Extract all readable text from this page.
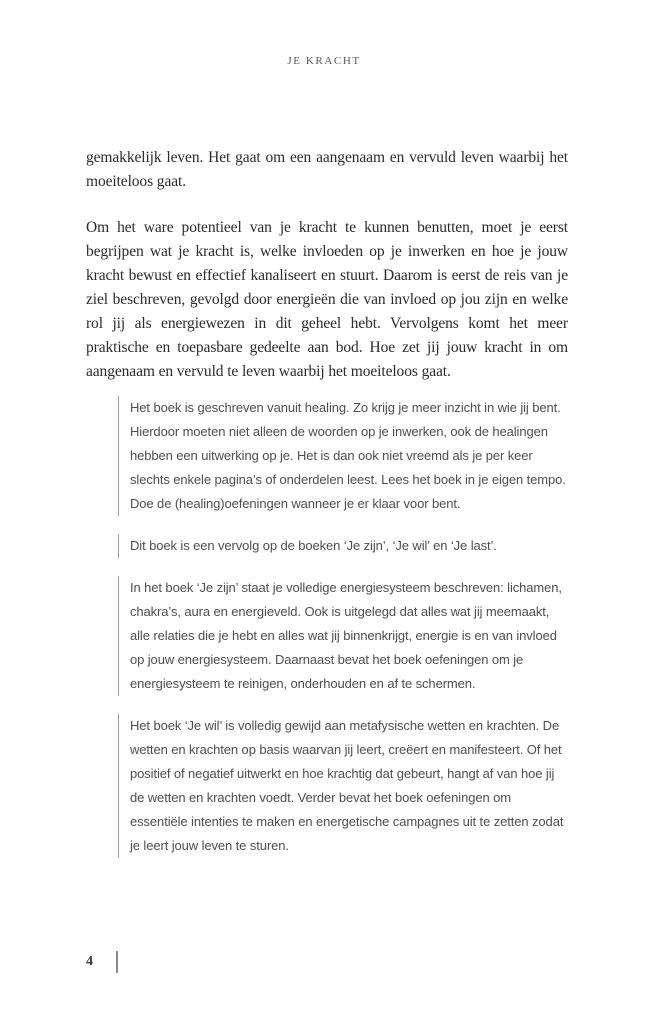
JE KRACHT

gemakkelijk leven. Het gaat om een aangenaam en vervuld leven waarbij het moeiteloos gaat.

Om het ware potentieel van je kracht te kunnen benutten, moet je eerst begrijpen wat je kracht is, welke invloeden op je inwerken en hoe je jouw kracht bewust en effectief kanaliseert en stuurt. Daarom is eerst de reis van je ziel beschreven, gevolgd door energieën die van invloed op jou zijn en welke rol jij als energiewezen in dit geheel hebt. Vervolgens komt het meer praktische en toepasbare gedeelte aan bod. Hoe zet jij jouw kracht in om aangenaam en vervuld te leven waarbij het moeiteloos gaat.

Het boek is geschreven vanuit healing. Zo krijg je meer inzicht in wie jij bent. Hierdoor moeten niet alleen de woorden op je inwerken, ook de healingen hebben een uitwerking op je. Het is dan ook niet vreemd als je per keer slechts enkele pagina’s of onderdelen leest. Lees het boek in je eigen tempo. Doe de (healing)oefeningen wanneer je er klaar voor bent.
Dit boek is een vervolg op de boeken ‘Je zijn’, ‘Je wil’ en ‘Je last’.
In het boek ‘Je zijn’ staat je volledige energiesysteem beschreven: lichamen, chakra’s, aura en energieveld. Ook is uitgelegd dat alles wat jij meemaakt, alle relaties die je hebt en alles wat jij binnenkrijgt, energie is en van invloed op jouw energiesysteem. Daarnaast bevat het boek oefeningen om je energiesysteem te reinigen, onderhouden en af te schermen.
Het boek ‘Je wil’ is volledig gewijd aan metafysische wetten en krachten. De wetten en krachten op basis waarvan jij leert, creëert en manifesteert. Of het positief of negatief uitwerkt en hoe krachtig dat gebeurt, hangt af van hoe jij de wetten en krachten voedt. Verder bevat het boek oefeningen om essentiële intenties te maken en energetische campagnes uit te zetten zodat je leert jouw leven te sturen.
4
